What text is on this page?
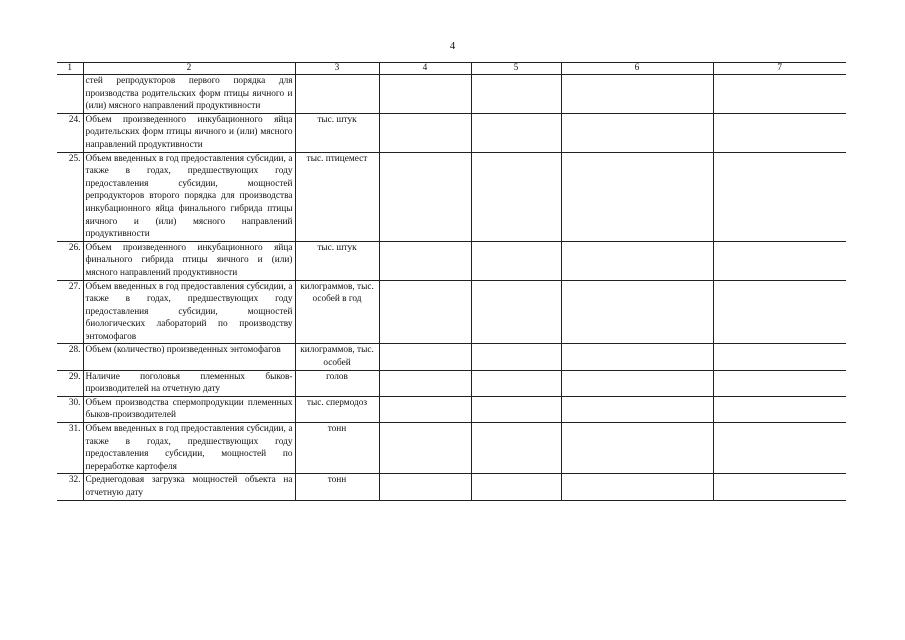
4
1	2	3	4	5	6	7
	стей репродукторов первого порядка для производства родительских форм птицы яичного и (или) мясного направлений продуктивности					
24.	Объем произведенного инкубационного яйца родительских форм птицы яичного и (или) мясного направлений продуктивности	тыс. штук				
25.	Объем введенных в год предоставления субсидии, а также в годах, предшествующих году предоставления субсидии, мощностей репродукторов второго порядка для производства инкубационного яйца финального гибрида птицы яичного и (или) мясного направлений продуктивности	тыс. птицемест				
26.	Объем произведенного инкубационного яйца финального гибрида птицы яичного и (или) мясного направлений продуктивности	тыс. штук				
27.	Объем введенных в год предоставления субсидии, а также в годах, предшествующих году предоставления субсидии, мощностей биологических лабораторий по производству энтомофагов	килограммов, тыс. особей в год				
28.	Объем (количество) произведенных энтомофагов	килограммов, тыс. особей				
29.	Наличие поголовья племенных быков-производителей на отчетную дату	голов				
30.	Объем производства спермопродукции племенных быков-производителей	тыс. спермодоз				
31.	Объем введенных в год предоставления субсидии, а также в годах, предшествующих году предоставления субсидии, мощностей по переработке картофеля	тонн				
32.	Среднегодовая загрузка мощностей объекта на отчетную дату	тонн				
